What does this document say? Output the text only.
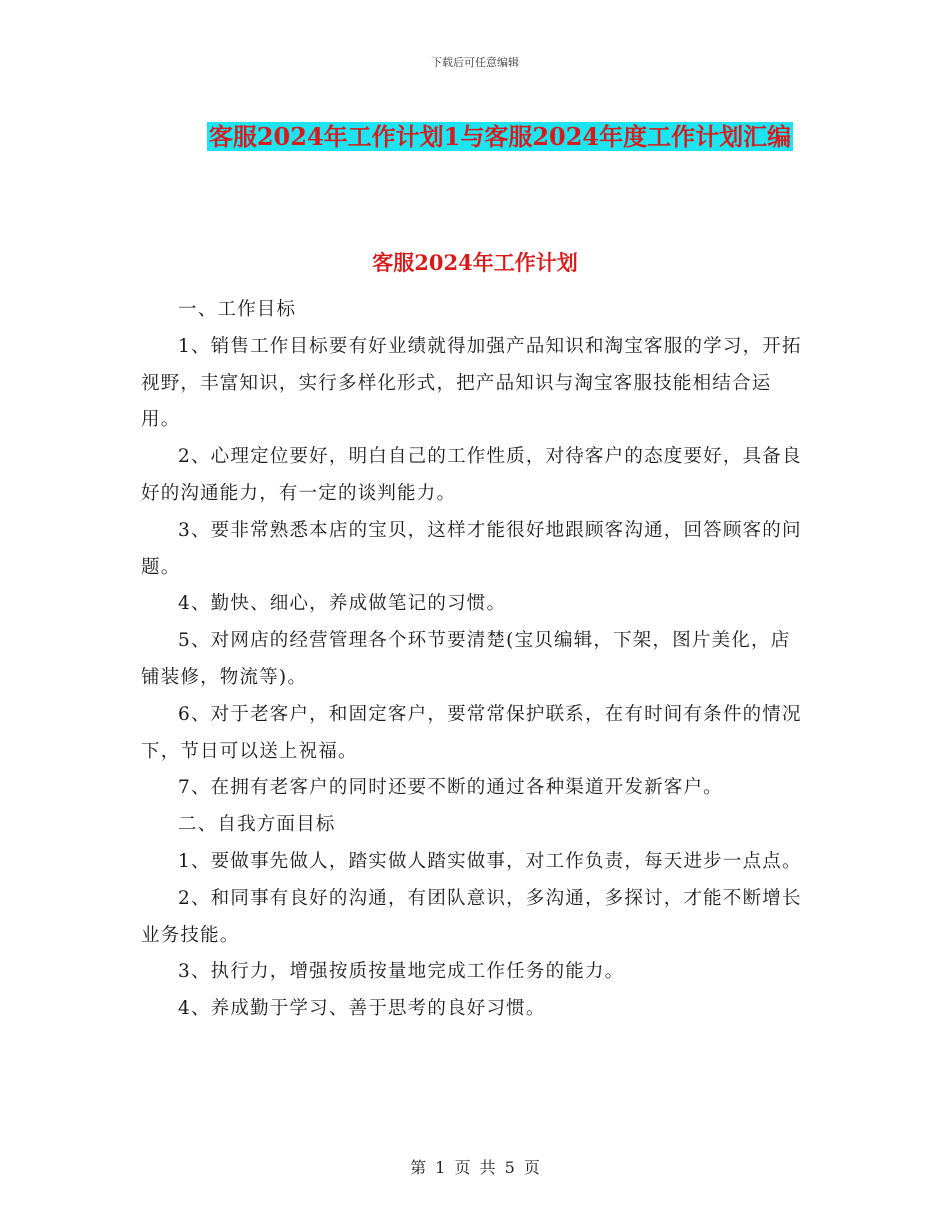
下载后可任意编辑
客服2024年工作计划1与客服2024年度工作计划汇编
客服2024年工作计划

一、工作目标

1、销售工作目标要有好业绩就得加强产品知识和淘宝客服的学习，开拓视野，丰富知识，实行多样化形式，把产品知识与淘宝客服技能相结合运用。

2、心理定位要好，明白自己的工作性质，对待客户的态度要好，具备良好的沟通能力，有一定的谈判能力。

3、要非常熟悉本店的宝贝，这样才能很好地跟顾客沟通，回答顾客的问题。

4、勤快、细心，养成做笔记的习惯。

5、对网店的经营管理各个环节要清楚(宝贝编辑，下架，图片美化，店铺装修，物流等)。

6、对于老客户，和固定客户，要常常保护联系，在有时间有条件的情况下，节日可以送上祝福。

7、在拥有老客户的同时还要不断的通过各种渠道开发新客户。

二、自我方面目标

1、要做事先做人，踏实做人踏实做事，对工作负责，每天进步一点点。

2、和同事有良好的沟通，有团队意识，多沟通，多探讨，才能不断增长业务技能。

3、执行力，增强按质按量地完成工作任务的能力。

4、养成勤于学习、善于思考的良好习惯。

第 1 页 共 5 页
